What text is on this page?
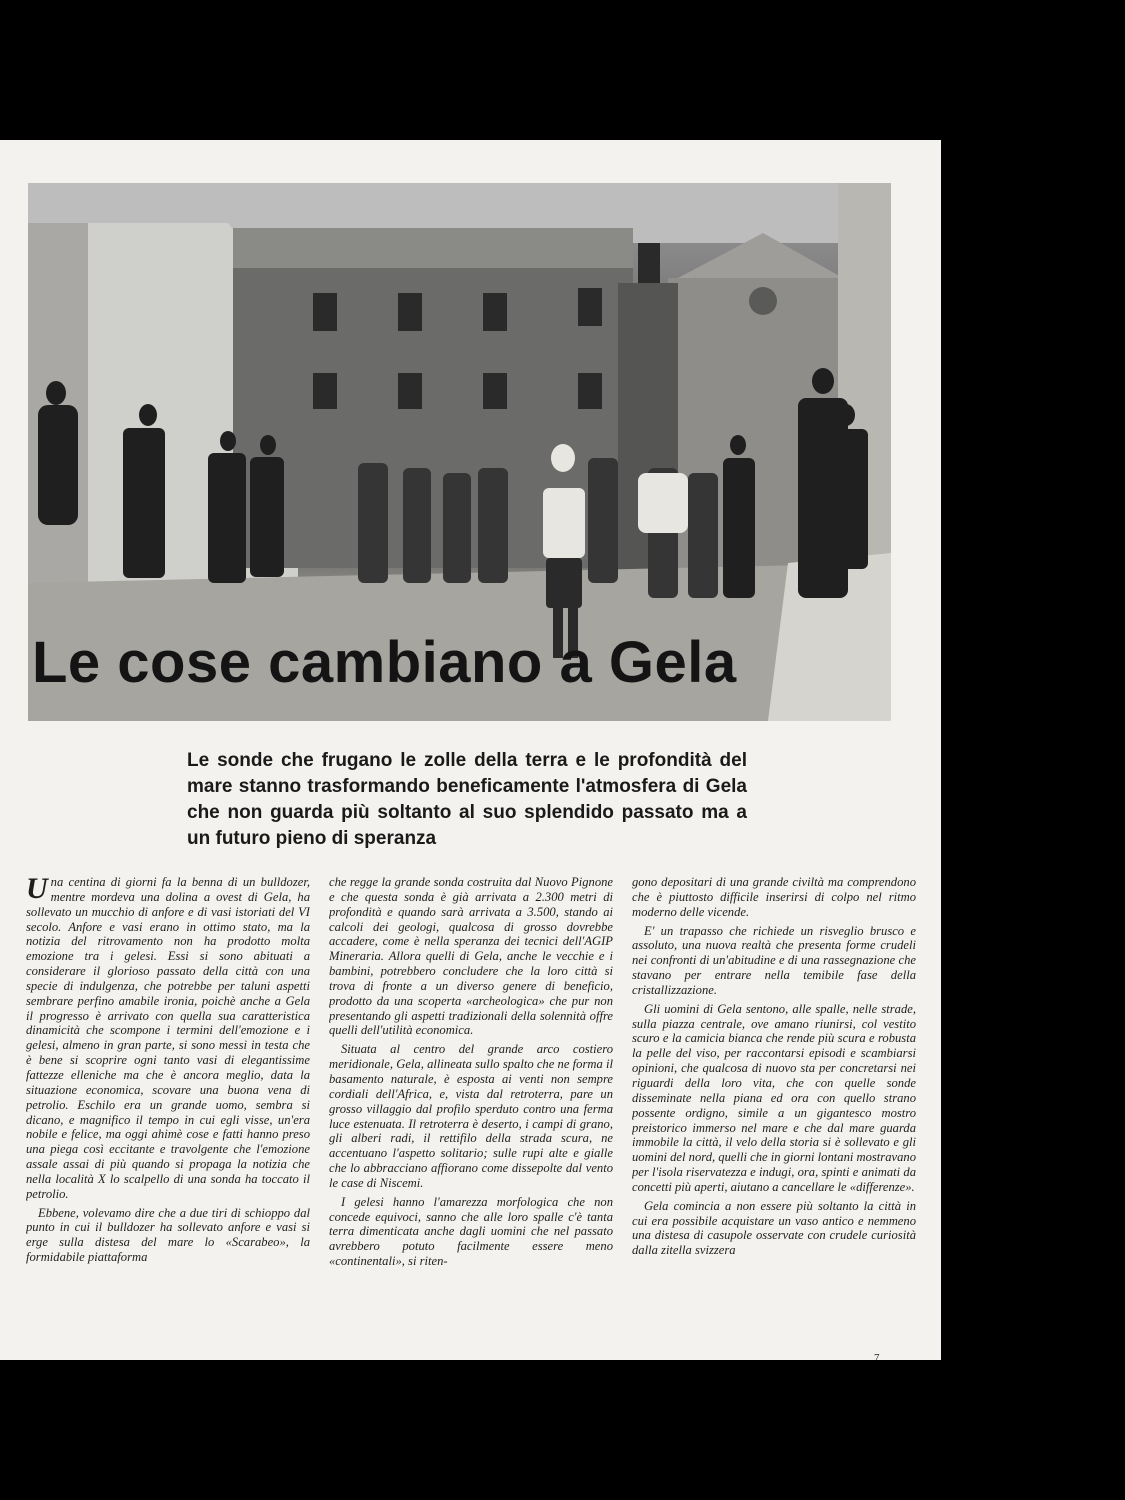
Le cose cambiano a Gela
Le sonde che frugano le zolle della terra e le profondità del mare stanno trasformando beneficamente l'atmosfera di Gela che non guarda più soltanto al suo splendido passato ma a un futuro pieno di speranza

Una centina di giorni fa la benna di un bulldozer, mentre mordeva una dolina a ovest di Gela, ha sollevato un mucchio di anfore e di vasi istoriati del VI secolo. Anfore e vasi erano in ottimo stato, ma la notizia del ritrovamento non ha prodotto molta emozione tra i gelesi. Essi si sono abituati a considerare il glorioso passato della città con una specie di indulgenza, che potrebbe per taluni aspetti sembrare perfino amabile ironia, poichè anche a Gela il progresso è arrivato con quella sua caratteristica dinamicità che scompone i termini dell'emozione e i gelesi, almeno in gran parte, si sono messi in testa che è bene si scoprire ogni tanto vasi di elegantissime fattezze elleniche ma che è ancora meglio, data la situazione economica, scovare una buona vena di petrolio. Eschilo era un grande uomo, sembra si dicano, e magnifico il tempo in cui egli visse, un'era nobile e felice, ma oggi ahimè cose e fatti hanno preso una piega così eccitante e travolgente che l'emozione assale assai di più quando si propaga la notizia che nella località X lo scalpello di una sonda ha toccato il petrolio.

Ebbene, volevamo dire che a due tiri di schioppo dal punto in cui il bulldozer ha sollevato anfore e vasi si erge sulla distesa del mare lo «Scarabeo», la formidabile piattaforma

che regge la grande sonda costruita dal Nuovo Pignone e che questa sonda è già arrivata a 2.300 metri di profondità e quando sarà arrivata a 3.500, stando ai calcoli dei geologi, qualcosa di grosso dovrebbe accadere, come è nella speranza dei tecnici dell'AGIP Mineraria. Allora quelli di Gela, anche le vecchie e i bambini, potrebbero concludere che la loro città si trova di fronte a un diverso genere di beneficio, prodotto da una scoperta «archeologica» che pur non presentando gli aspetti tradizionali della solennità offre quelli dell'utilità economica.

Situata al centro del grande arco costiero meridionale, Gela, allineata sullo spalto che ne forma il basamento naturale, è esposta ai venti non sempre cordiali dell'Africa, e, vista dal retroterra, pare un grosso villaggio dal profilo sperduto contro una ferma luce estenuata. Il retroterra è deserto, i campi di grano, gli alberi radi, il rettifilo della strada scura, ne accentuano l'aspetto solitario; sulle rupi alte e gialle che lo abbracciano affiorano come dissepolte dal vento le case di Niscemi.

I gelesi hanno l'amarezza morfologica che non concede equivoci, sanno che alle loro spalle c'è tanta terra dimenticata anche dagli uomini che nel passato avrebbero potuto facilmente essere meno «continentali», si riten-

gono depositari di una grande civiltà ma comprendono che è piuttosto difficile inserirsi di colpo nel ritmo moderno delle vicende.

E' un trapasso che richiede un risveglio brusco e assoluto, una nuova realtà che presenta forme crudeli nei confronti di un'abitudine e di una rassegnazione che stavano per entrare nella temibile fase della cristallizzazione.

Gli uomini di Gela sentono, alle spalle, nelle strade, sulla piazza centrale, ove amano riunirsi, col vestito scuro e la camicia bianca che rende più scura e robusta la pelle del viso, per raccontarsi episodi e scambiarsi opinioni, che qualcosa di nuovo sta per concretarsi nei riguardi della loro vita, che con quelle sonde disseminate nella piana ed ora con quello strano possente ordigno, simile a un gigantesco mostro preistorico immerso nel mare e che dal mare guarda immobile la città, il velo della storia si è sollevato e gli uomini del nord, quelli che in giorni lontani mostravano per l'isola riservatezza e indugi, ora, spinti e animati da concetti più aperti, aiutano a cancellare le «differenze».

Gela comincia a non essere più soltanto la città in cui era possibile acquistare un vaso antico e nemmeno una distesa di casupole osservate con crudele curiosità dalla zitella svizzera

7
